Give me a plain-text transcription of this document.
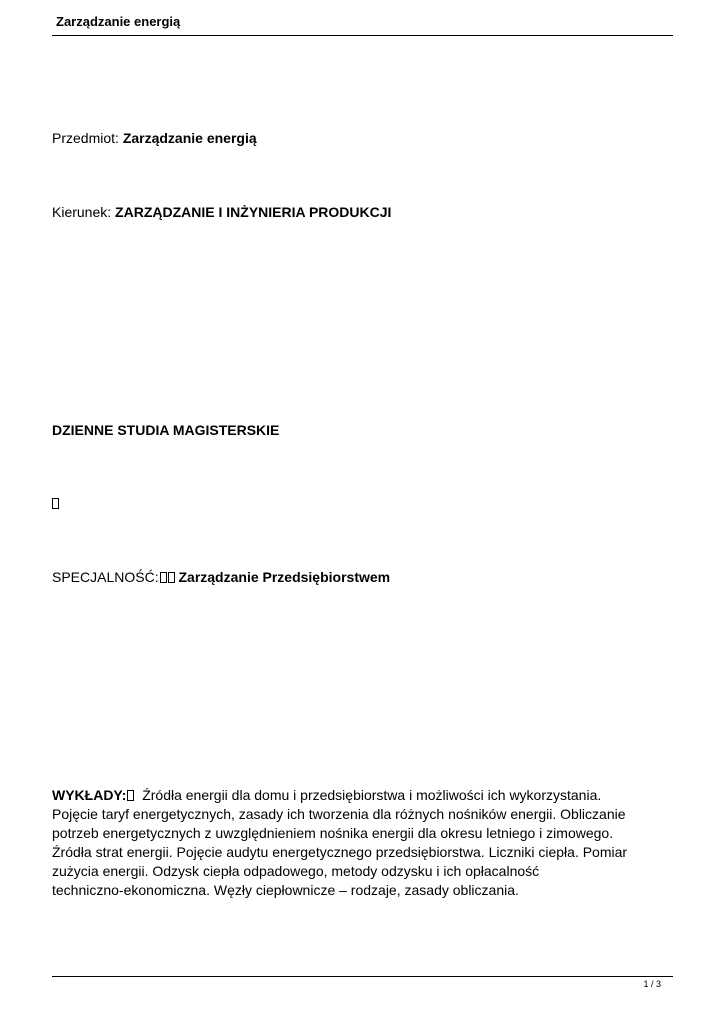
Zarządzanie energią
Przedmiot: Zarządzanie energią
Kierunek: ZARZĄDZANIE I INŻYNIERIA PRODUKCJI
DZIENNE STUDIA MAGISTERSKIE
SPECJALNOŚĆ: Zarządzanie Przedsiębiorstwem
WYKŁADY: Źródła energii dla domu i przedsiębiorstwa i możliwości ich wykorzystania.
Pojęcie taryf energetycznych, zasady ich tworzenia dla różnych nośników energii. Obliczanie
potrzeb energetycznych z uwzględnieniem nośnika energii dla okresu letniego i zimowego.
Źródła strat energii. Pojęcie audytu energetycznego przedsiębiorstwa. Liczniki ciepła. Pomiar
zużycia energii. Odzysk ciepła odpadowego, metody odzysku i ich opłacalność
techniczno-ekonomiczna. Węzły ciepłownicze – rodzaje, zasady obliczania.
1 / 3
